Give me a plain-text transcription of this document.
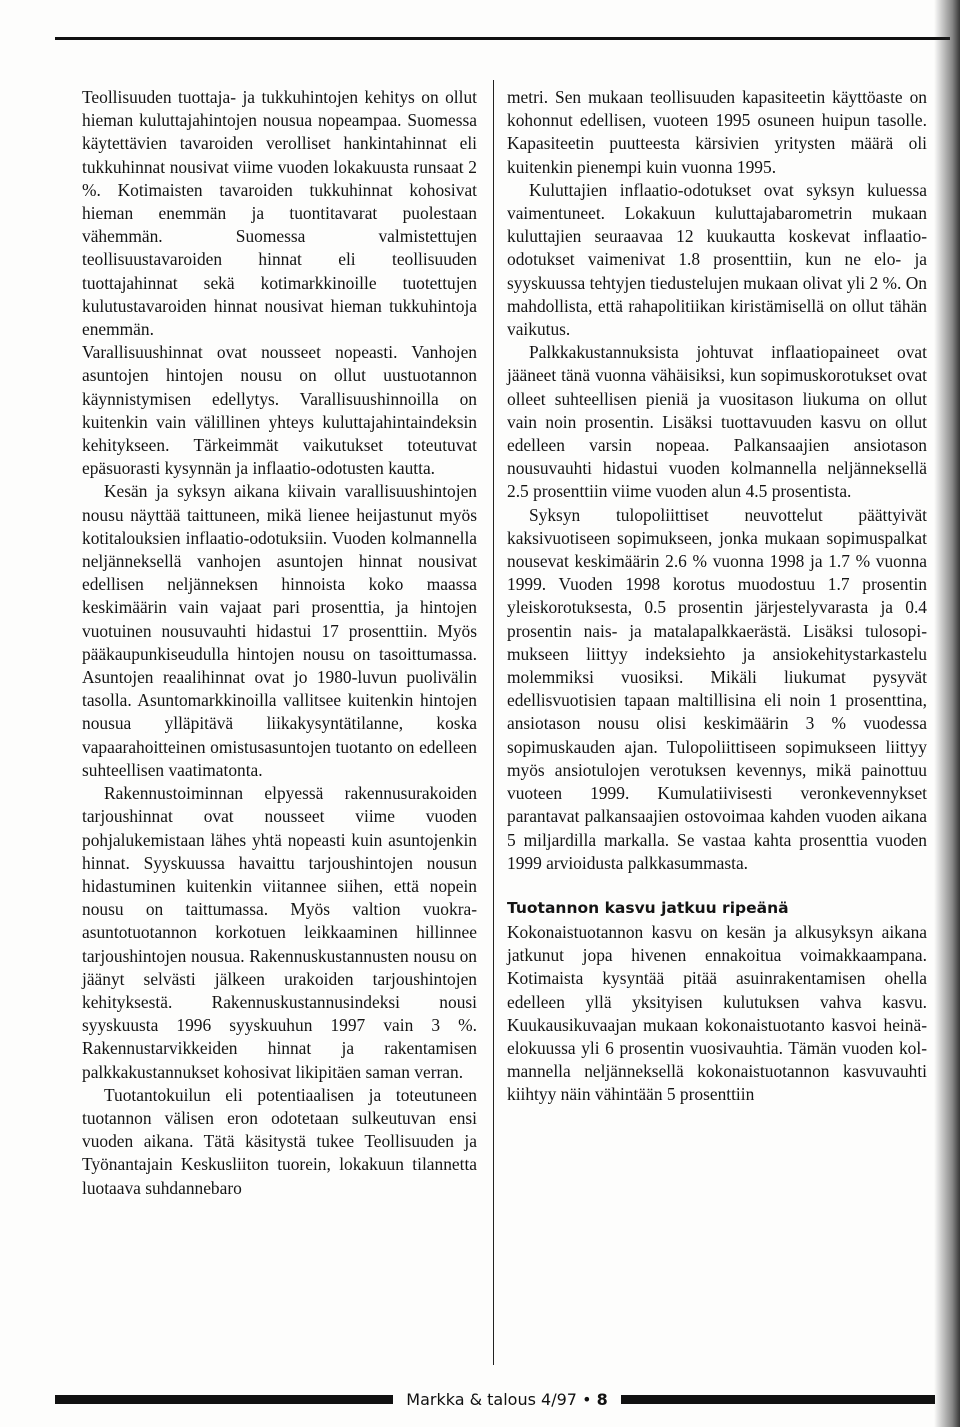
Teollisuuden tuottaja- ja tukkuhintojen kehitys on ollut hieman kuluttajahintojen nousua nopeampaa. Suomessa käytettävien tavaroiden verolliset hankintahinnat eli tukkuhinnat nousivat viime vuoden lokakuusta runsaat 2 %. Kotimaisten tavaroiden tukkuhinnat kohosivat hieman enemmän ja tuontitavarat puolestaan vähemmän. Suomessa valmistettujen teollisuustavaroiden hinnat eli teollisuuden tuottajahinnat sekä kotimarkkinoille tuotettujen kulutustavaroiden hinnat nousivat hieman tukkuhintoja enemmän.

Varallisuushinnat ovat nousseet nopeasti. Vanhojen asuntojen hintojen nousu on ollut uustuotannon käynnistymisen edellytys. Varallisuushinnoilla on kuitenkin vain välillinen yhteys kuluttajahintaindeksin kehitykseen. Tärkeimmät vaikutukset toteutuvat epäsuorasti kysynnän ja inflaatio-odotusten kautta.

Kesän ja syksyn aikana kiivain varallisuushintojen nousu näyttää taittuneen, mikä lienee heijastunut myös kotitalouksien inflaatio-odotuksiin. Vuoden kolmannella neljänneksellä vanhojen asuntojen hinnat nousivat edellisen neljänneksen hinnoista koko maassa keskimäärin vain vajaat pari prosenttia, ja hintojen vuotuinen nousuvauhti hidastui 17 prosenttiin. Myös pääkaupunkiseudulla hintojen nousu on tasoittumassa. Asuntojen reaalihinnat ovat jo 1980-luvun puolivälin tasolla. Asuntomarkkinoilla vallitsee kuitenkin hintojen nousua ylläpitävä liikakysyntätilanne, koska vapaarahoitteinen omistusasuntojen tuotanto on edelleen suhteellisen vaatimatonta.

Rakennustoiminnan elpyessä rakennusurakoiden tarjoushinnat ovat nousseet viime vuoden pohjalukemistaan lähes yhtä nopeasti kuin asuntojenkin hinnat. Syyskuussa havaittu tarjoushintojen nousun hidastuminen kuitenkin viitannee siihen, että nopein nousu on taittumassa. Myös valtion vuokra-asuntotuotannon korkotuen leikkaaminen hillinnee tarjoushintojen nousua. Rakennuskustannusten nousu on jäänyt selvästi jälkeen urakoiden tarjoushintojen kehityksestä. Rakennuskustannusindeksi nousi syyskuusta 1996 syyskuuhun 1997 vain 3 %. Rakennustarvikkeiden hinnat ja rakentamisen palkkakustannukset kohosivat likipitäen saman verran.

Tuotantokuilun eli potentiaalisen ja toteutuneen tuotannon välisen eron odotetaan sulkeutuvan ensi vuoden aikana. Tätä käsitystä tukee Teollisuuden ja Työnantajain Keskusliiton tuorein, lokakuun tilannetta luotaava suhdannebaro

metri. Sen mukaan teollisuuden kapasiteetin käyttöaste on kohonnut edellisen, vuoteen 1995 osuneen huipun tasolle. Kapasiteetin puutteesta kärsivien yritysten määrä oli kuitenkin pienempi kuin vuonna 1995.

Kuluttajien inflaatio-odotukset ovat syksyn kuluessa vaimentuneet. Lokakuun kuluttajabarometrin mukaan kuluttajien seuraavaa 12 kuukautta koskevat inflaatio-odotukset vaimenivat 1.8 prosenttiin, kun ne elo- ja syyskuussa tehtyjen tiedustelujen mukaan olivat yli 2 %. On mahdollista, että rahapolitiikan kiristämisellä on ollut tähän vaikutus.

Palkkakustannuksista johtuvat inflaatiopaineet ovat jääneet tänä vuonna vähäisiksi, kun sopimuskorotukset ovat olleet suhteellisen pieniä ja vuositason liukuma on ollut vain noin prosentin. Lisäksi tuottavuuden kasvu on ollut edelleen varsin nopeaa. Palkansaajien ansiotason nousuvauhti hidastui vuoden kolmannella neljänneksellä 2.5 prosenttiin viime vuoden alun 4.5 prosentista.

Syksyn tulopoliittiset neuvottelut päättyivät kaksivuotiseen sopimukseen, jonka mukaan sopimuspalkat nousevat keskimäärin 2.6 % vuonna 1998 ja 1.7 % vuonna 1999. Vuoden 1998 korotus muodostuu 1.7 prosentin yleiskorotuksesta, 0.5 prosentin järjestelyvarasta ja 0.4 prosentin nais- ja matalapalkkaerästä. Lisäksi tulosopimukseen liittyy indeksiehto ja ansiokehitystarkastelu molemmiksi vuosiksi. Mikäli liukumat pysyvät edellisvuotisien tapaan maltillisina eli noin 1 prosenttina, ansiotason nousu olisi keskimäärin 3 % vuodessa sopimuskauden ajan. Tulopoliittiseen sopimukseen liittyy myös ansiotulojen verotuksen kevennys, mikä painottuu vuoteen 1999. Kumulatiivisesti veronkevennykset parantavat palkansaajien ostovoimaa kahden vuoden aikana 5 miljardilla markalla. Se vastaa kahta prosenttia vuoden 1999 arvioidusta palkkasummasta.

Tuotannon kasvu jatkuu ripeänä

Kokonaistuotannon kasvu on kesän ja alkusyksyn aikana jatkunut jopa hivenen ennakoitua voimakkaampana. Kotimaista kysyntää pitää asuinrakentamisen ohella edelleen yllä yksityisen kulutuksen vahva kasvu. Kuukausikuvaajan mukaan kokonaistuotanto kasvoi heinä-elokuussa yli 6 prosentin vuosivauhtia. Tämän vuoden kolmannella neljänneksellä kokonaistuotannon kasvuvauhti kiihtyy näin vähintään 5 prosenttiin

Markka & talous 4/97 • 8
